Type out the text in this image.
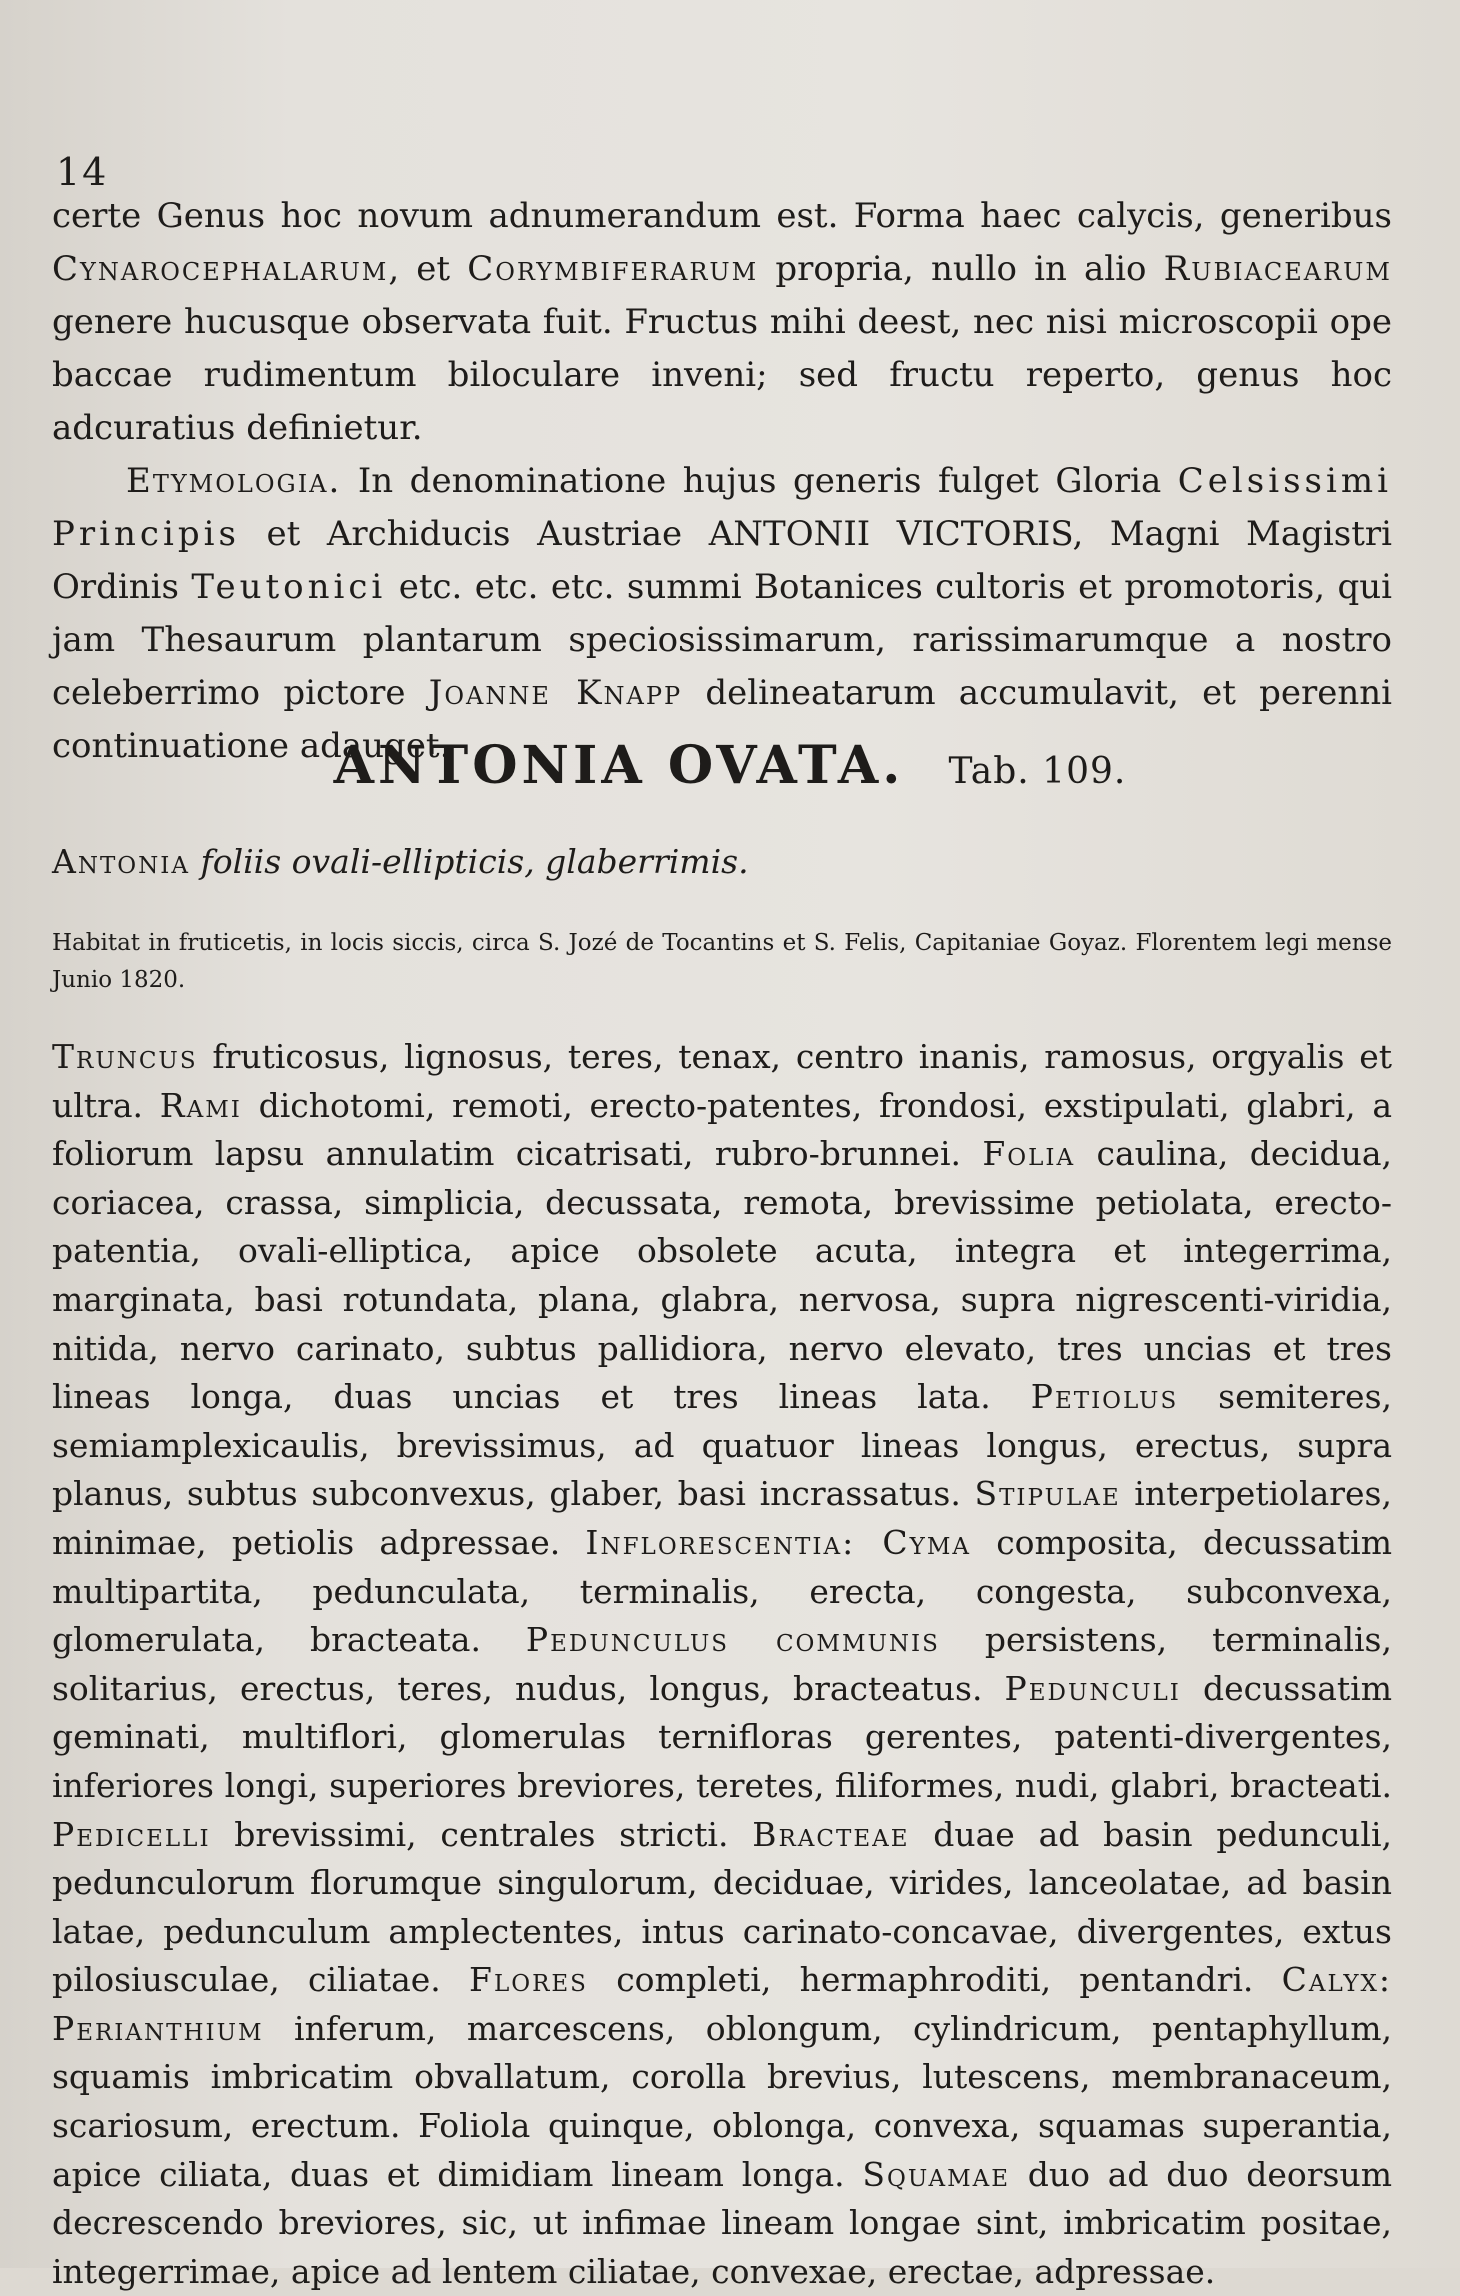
14

certe Genus hoc novum adnumerandum est. Forma haec calycis, generibus Cynarocephalarum, et Corymbiferarum propria, nullo in alio Rubiacearum genere hucusque observata fuit. Fructus mihi deest, nec nisi microscopii ope baccae rudimentum biloculare inveni; sed fructu reperto, genus hoc adcuratius definietur.

Etymologia. In denominatione hujus generis fulget Gloria Celsissimi Principis et Archiducis Austriae ANTONII VICTORIS, Magni Magistri Ordinis Teutonici etc. etc. etc. summi Botanices cultoris et promotoris, qui jam Thesaurum plantarum speciosissimarum, rarissimarumque a nostro celeberrimo pictore Joanne Knapp delineatarum accumulavit, et perenni continuatione adauget.

ANTONIA OVATA. Tab. 109.
Antonia foliis ovali-ellipticis, glaberrimis.
Habitat in fruticetis, in locis siccis, circa S. Jozé de Tocantins et S. Felis, Capitaniae Goyaz. Florentem legi mense Junio 1820.
Truncus fruticosus, lignosus, teres, tenax, centro inanis, ramosus, orgyalis et ultra. Rami dichotomi, remoti, erecto-patentes, frondosi, exstipulati, glabri, a foliorum lapsu annulatim cicatrisati, rubro-brunnei. Folia caulina, decidua, coriacea, crassa, simplicia, decussata, remota, brevissime petiolata, erecto-patentia, ovali-elliptica, apice obsolete acuta, integra et integerrima, marginata, basi rotundata, plana, glabra, nervosa, supra nigrescenti-viridia, nitida, nervo carinato, subtus pallidiora, nervo elevato, tres uncias et tres lineas longa, duas uncias et tres lineas lata. Petiolus semiteres, semiamplexicaulis, brevissimus, ad quatuor lineas longus, erectus, supra planus, subtus subconvexus, glaber, basi incrassatus. Stipulae interpetiolares, minimae, petiolis adpressae. Inflorescentia: Cyma composita, decussatim multipartita, pedunculata, terminalis, erecta, congesta, subconvexa, glomerulata, bracteata. Pedunculus communis persistens, terminalis, solitarius, erectus, teres, nudus, longus, bracteatus. Pedunculi decussatim geminati, multiflori, glomerulas ternifloras gerentes, patenti-divergentes, inferiores longi, superiores breviores, teretes, filiformes, nudi, glabri, bracteati. Pedicelli brevissimi, centrales stricti. Bracteae duae ad basin pedunculi, pedunculorum florumque singulorum, deciduae, virides, lanceolatae, ad basin latae, pedunculum amplectentes, intus carinato-concavae, divergentes, extus pilosiusculae, ciliatae. Flores completi, hermaphroditi, pentandri. Calyx: Perianthium inferum, marcescens, oblongum, cylindricum, pentaphyllum, squamis imbricatim obvallatum, corolla brevius, lutescens, membranaceum, scariosum, erectum. Foliola quinque, oblonga, convexa, squamas superantia, apice ciliata, duas et dimidiam lineam longa. Squamae duo ad duo deorsum decrescendo breviores, sic, ut infimae lineam longae sint, imbricatim positae, integerrimae, apice ad lentem ciliatae, convexae, erectae, adpressae.
